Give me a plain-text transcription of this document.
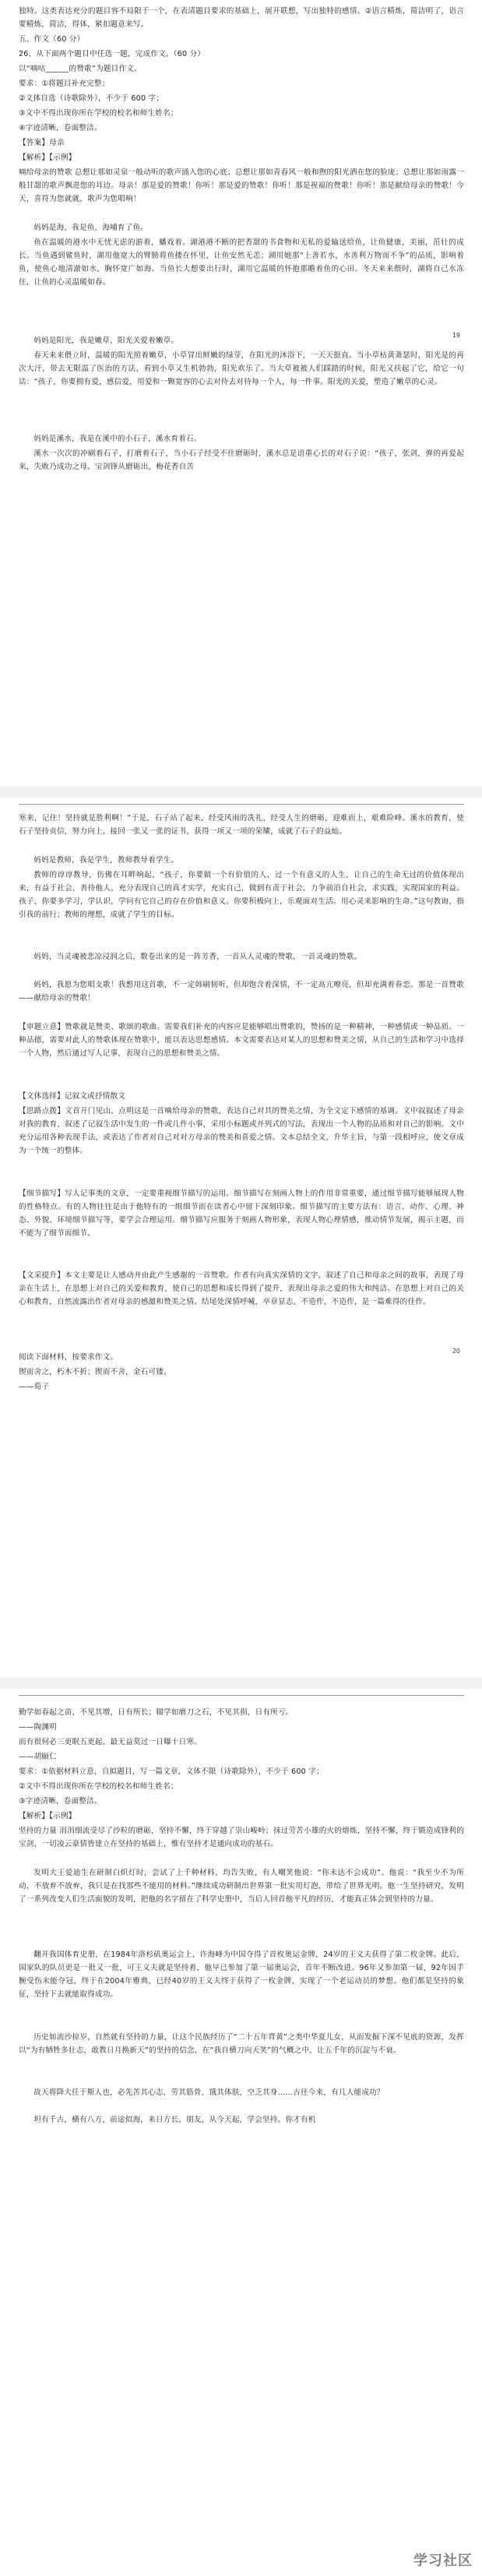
独特。这类表达充分的题目容不局限于一个，在表清题目要求的基础上，展开联想，写出独特的感情。②语言精炼，简洁明了，语言要精炼，简洁，得体，紧扣题意来写。

五、作文（60 分）

26、从下面两个题目中任选一题，完成作文。（60 分）

以“嘀咕______的赞歌”为题目作文。

要求：①将题目补充完整；

②文体自选（诗歌除外），不少于 600 字；

③文中不得出现你所在学校的校名和师生姓名；

④字迹清晰，卷面整洁。

【答案】母亲

【解析】【示例】

嘀给母亲的赞歌 总想让那如灵泉一般动听的歌声涌入您的心底；总想让那如青春风一般和煦的阳光洒在您的脸庞；总想让那如雨露一般甘甜的歌声飘进您的耳边。母亲！那是爱的赞歌！你听！那是爱的赞歌！你听！那是祝福的赞歌！你听！那是献给母亲的赞歌！今天，喜符为您就就，歌声为您唱响！

妈妈是海，我是鱼，海哺育了鱼。

鱼在温暖的港水中无忧无虑的游着，蟠戏着。湖港港不断的把香甜的书食物和无私的爱输送给鱼，让鱼健康，美丽，茁壮的成长。当鱼遇到鲨鱼时，湖用他宽大的臂膀将鱼搂在怀里，让鱼安然无恙；湖用她那“上善若水，水善利万物而不争”的品质，影响着鱼，使鱼心地清澈如水，胸怀宽广如海。当鱼长大想要出行时，湖用它温暖的怀抱那瞻着鱼的心田。冬天来来偎时，湖将自己水冻住，让鱼的心灵温暖如春。

妈妈是阳光，我是嫩草，阳光关爱着嫩草。

春天来来偎立时，温暖的阳光照着嫩草，小草冒出鲜嫩的绿芽，在阳光的沐浴下，一天天挺直。当小草枯黄萧瑟时，阳光是的再次大汗，带去无限温了医治的方法，看到小草又生机勃勃，阳光欢乐了。当大草被被人们踩踏的时候，阳光又扶起了它，给它一句话：“孩子，你要拥有爱，感信爱，用爱和一颗宽容的心去对待去对待每一个人，每一件事。阳光的关爱，塑造了嫩草的心灵。

妈妈是溪水，我是在溪中的小石子，溪水育着石。

溪水一次次的冲刷着石子，打磨着石子，当小石子经受不住磨砺时，溪水总是语重心长的对石子说：“孩子，张剑，弹的再爱起来，失败乃成功之母。宝剑锋从磨砺出，梅花香自苦

19

寒来，记住！坚持就是胜利啊！”于是，石子站了起来，经受风雨的冼礼，经受人生的磨砺，迎难而上，艰难险峰。溪水的教育，使石子坚持贞信，努力向上，接回一张又一张的证书，获得一项又一项的荣耀，成就了石子的益灿。

妈妈是教师，我是学生，教师教导着学生。

教师的谆谆教导，仿佛在耳畔响起，“孩子，你要做一个有价值的人，过一个有意义的人生，让自己的生命无过的价值体现出来，有益于社会，善待他人，充分表现自己的真才实学，充实自己，做到有责于社会，力争前沿自社会，求实践，实现国家的利益。孩子，你要多学习，学认识，学问有它自己的存在价值和意义。你要积极向上，乐观面对生活。用心灵来影响的生命。”这句教诲，指引我的前行；教师的理想，成就了学生的目标。

妈妈，当灵魂被悲凉浸润之后，数卷出来的是一阵芳香，一首从人灵魂的赞歌，一首灵魂的赞歌。

妈妈，我愿为您唱支歌！我想用这首歌，不一定韩刷韧听，但却饱含着深情，不一定高亢嘹亮，但却充满着眷恋。那是一首赞歌——献给母亲的赞歌！

【审题立意】赞歌就是赞美、歌颂的歌曲。需要我们补充的内容应是能够唱出赞歌的，赞扬的是一种精神，一种感情或一种品质。一种品德，需要对此人的赞歌体现在赞歌中，能以表达思想感情。本文需要表达对某人的思想和赞美之情，从自己的生活和学习中选择一个人物，然后通过写人记事，表现自己的思想和赞美之情。

【文体选择】记叙文或抒情散文

【思路点拨】文首开门见山，点明这是一首嘀给母亲的赞歌，表达自己对其的赞美之情，为全文定下感情的基调。文中叙叙述了母亲对我的教育，叙述了记叙生活中发生的一件或几件小事，采用小标题或并列式的写法，表现出一个人物的品质和对自己的影响。文中充分运用各种表现手法，或表达了作者对自己对对方母亲的赞美和喜爱之情。文本总结全文，升华主旨，与第一段相呼应，使文章成为一个统一的整体。

【细节描写】写人记事类的文章，一定要重视细节描写的运用。细节描写在刻画人物上的作用非常重要，通过细节描写能够展现人物的性格特点。有的人物往往是由于他特有的一组细节而在读者心中留下深刻印象。细节描写的主要方法有：语言、动作、心理、神态、外貌、环境细节描写等，要学会合理运用。细节描写应服务于刻画人物形象，表现人物心理情感，推动情节发展，揭示主题，而不能为了细节而细节。

【文采提升】本文主要是让人感动并由此产生感谢的一首赞歌。作者有向真实深情的文字，叙述了自己和母亲之间的故事，表现了母亲在生活上，在思想上对自己的关爱和教育，使自己的思想和成长得到了提升，表现出母亲之爱的伟大和纯洁。在思想上对自己的关心和教育，自然流露出作者对母亲的感激和赞美之情。结尾处深情呼喊，卒章显志，不造作，不造作，是一篇难得的佳作。

阅读下面材料，按要求作文。

锲而舍之，朽木不折；锲而不舍，金石可镂。

——荀子

20

勤学如春起之苗，不见其增，日有所长；辍学如磨刀之石，不见其损，日有所亏。

——陶渊明

而有很何必三更眠五更起，最无益莫过一日曝十日寒。

——胡颐仁

要求：①依据材料立意，自拟题目，写一篇文章，文体不限（诗歌除外），不少于 600 字；

②文中不得出现你所在学校的校名和师生姓名；

③字迹清晰，卷面整洁。

【解析】【示例】

坚持的力量 涓涓细流受尽了沙粒的磨砺，坚持不懈，终于穿越了崇山峻岭；抹过劳苦小雄的火的熔炼，坚持不懈，终于锻造成锋利的宝剑，一切凌云豪情皆建立在坚持的基础上，惟有坚持才是通向成功的基石。

发明大王爱迪生在研制白炽灯时，尝试了上千种材料，均告失败，有人嘲笑他说：“你未达不会成功”。他说：“我至少不为所动，不放弃不放弃，我只是在找那些不能用的材料。”继续成功研制出世界第一批实用灯泡，带给了世界光明。他一生坚持研究，发明了一系列改变人们生活面貌的发明，把他的名字留在了科学史册中，当后人回首他平凡的经历，才能真正体会到坚持的力量。

翻开我国体育史册，在1984年洛杉矶奥运会上，许海峰为中国夺得了首枚奥运金牌，24岁的王义夫获得了第二枚金牌。此后，国家队的队员更是一批又一批，可王义夫就是坚持着，他早已参加了第一届奥运会，首年不断改进。96年又参加第一届，92年因手腕受伤未能夺冠，终于在2004年雅典，已经40岁的王义夫终于获得了一枚金牌，实现了一个老运动员的梦想。他们都是坚持的象征，坚持下去就能取得成功。

历史如流沙掠岁，自然就有坚持的力量，让这个民族经历了“二十五年背黄”之类中华夏儿女，从而发掘下深不见底的资源，发挥以“为有牺牲多壮志，敢教日月换新天”的坚持的信念，在“我自横刀向天笑”的气概之中，让五千年的沉淀与不衰。

故天将降大任于斯人也，必先苦其心志，劳其筋骨，饿其体肤，空乏其身……古往今来，有几人能成功？

坦有千古，横有八方，前途似海，来日方长，朋友，从今天起，学会坚持。你才有机

学习社区
